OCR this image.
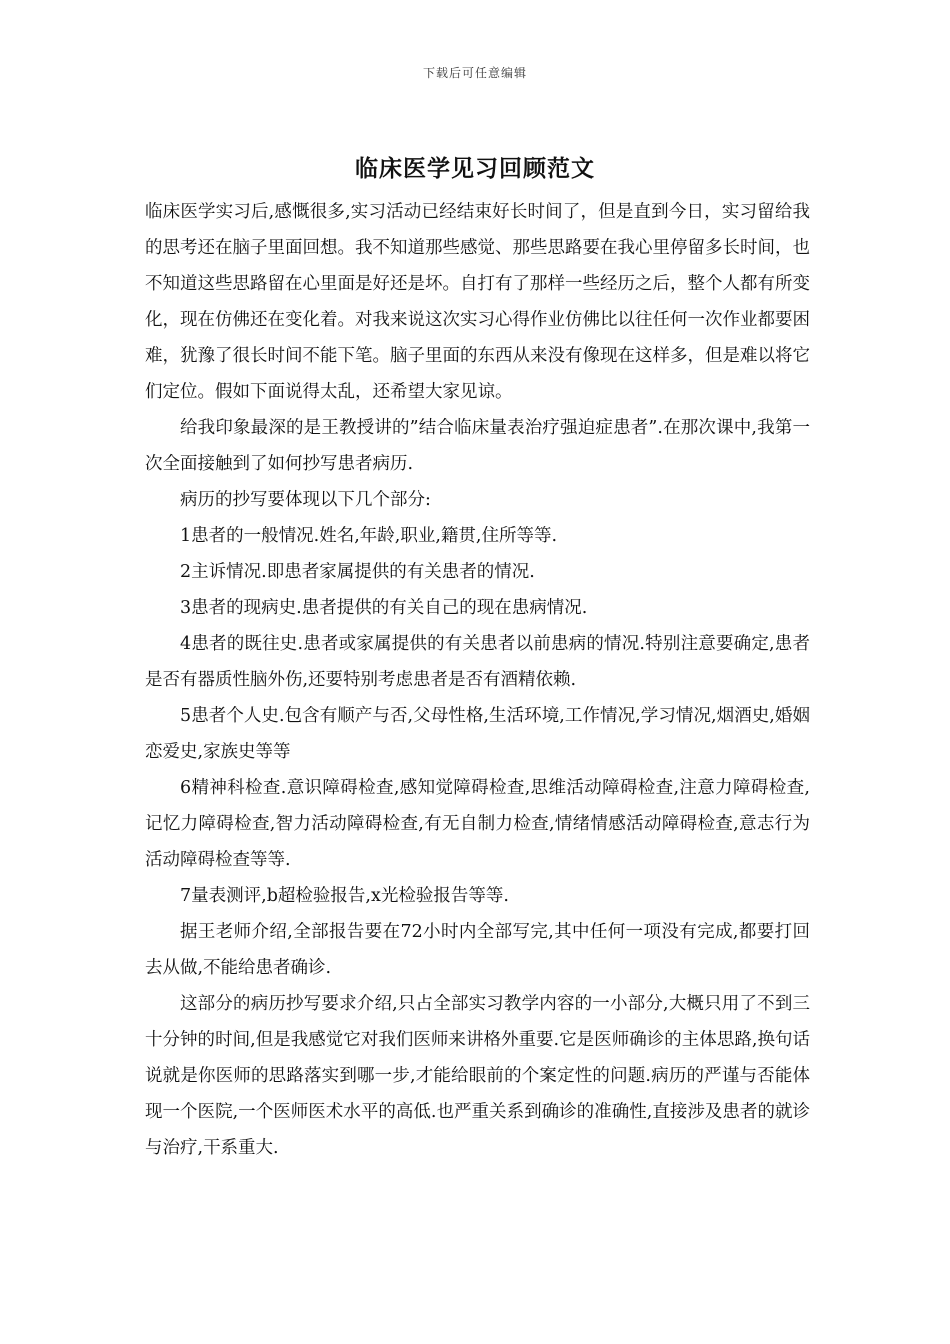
下载后可任意编辑
临床医学见习回顾范文

临床医学实习后,感慨很多,实习活动已经结束好长时间了，但是直到今日，实习留给我的思考还在脑子里面回想。我不知道那些感觉、那些思路要在我心里停留多长时间，也不知道这些思路留在心里面是好还是坏。自打有了那样一些经历之后，整个人都有所变化，现在仿佛还在变化着。对我来说这次实习心得作业仿佛比以往任何一次作业都要困难，犹豫了很长时间不能下笔。脑子里面的东西从来没有像现在这样多，但是难以将它们定位。假如下面说得太乱，还希望大家见谅。

给我印象最深的是王教授讲的”结合临床量表治疗强迫症患者”.在那次课中,我第一次全面接触到了如何抄写患者病历.

病历的抄写要体现以下几个部分:

1患者的一般情况.姓名,年龄,职业,籍贯,住所等等.

2主诉情况.即患者家属提供的有关患者的情况.

3患者的现病史.患者提供的有关自己的现在患病情况.

4患者的既往史.患者或家属提供的有关患者以前患病的情况.特别注意要确定,患者是否有器质性脑外伤,还要特别考虑患者是否有酒精依赖.

5患者个人史.包含有顺产与否,父母性格,生活环境,工作情况,学习情况,烟酒史,婚姻恋爱史,家族史等等

6精神科检查.意识障碍检查,感知觉障碍检查,思维活动障碍检查,注意力障碍检查,记忆力障碍检查,智力活动障碍检查,有无自制力检查,情绪情感活动障碍检查,意志行为活动障碍检查等等.

7量表测评,b超检验报告,x光检验报告等等.

据王老师介绍,全部报告要在72小时内全部写完,其中任何一项没有完成,都要打回去从做,不能给患者确诊.

这部分的病历抄写要求介绍,只占全部实习教学内容的一小部分,大概只用了不到三十分钟的时间,但是我感觉它对我们医师来讲格外重要.它是医师确诊的主体思路,换句话说就是你医师的思路落实到哪一步,才能给眼前的个案定性的问题.病历的严谨与否能体现一个医院,一个医师医术水平的高低.也严重关系到确诊的准确性,直接涉及患者的就诊与治疗,干系重大.
